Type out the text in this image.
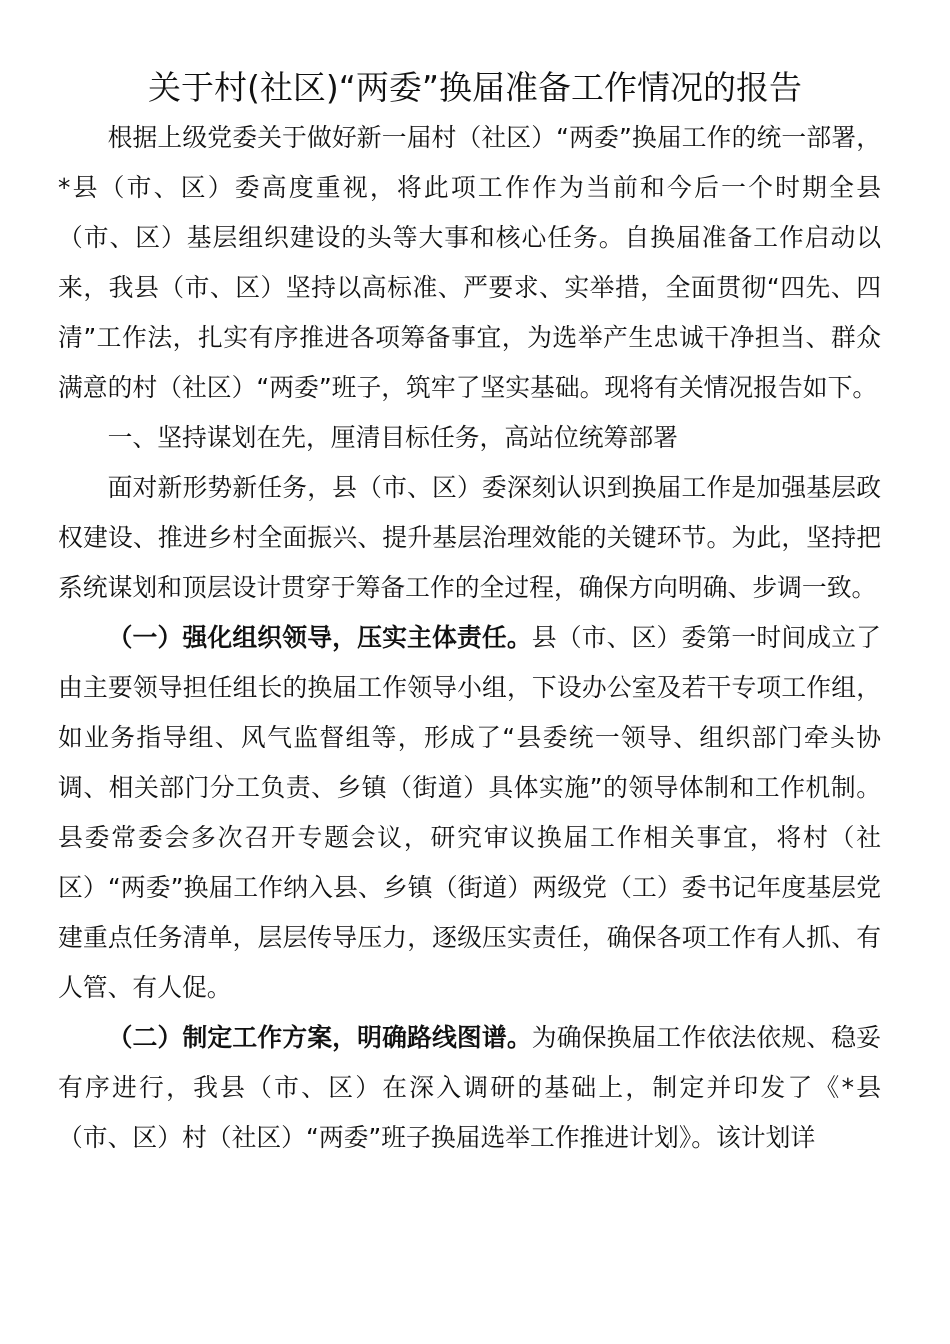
关于村(社区)“两委”换届准备工作情况的报告

根据上级党委关于做好新一届村（社区）“两委”换届工作的统一部署，*县（市、区）委高度重视，将此项工作作为当前和今后一个时期全县（市、区）基层组织建设的头等大事和核心任务。自换届准备工作启动以来，我县（市、区）坚持以高标准、严要求、实举措，全面贯彻“四先、四清”工作法，扎实有序推进各项筹备事宜，为选举产生忠诚干净担当、群众满意的村（社区）“两委”班子，筑牢了坚实基础。现将有关情况报告如下。

一、坚持谋划在先，厘清目标任务，高站位统筹部署

面对新形势新任务，县（市、区）委深刻认识到换届工作是加强基层政权建设、推进乡村全面振兴、提升基层治理效能的关键环节。为此，坚持把系统谋划和顶层设计贯穿于筹备工作的全过程，确保方向明确、步调一致。

（一）强化组织领导，压实主体责任。县（市、区）委第一时间成立了由主要领导担任组长的换届工作领导小组，下设办公室及若干专项工作组，如业务指导组、风气监督组等，形成了“县委统一领导、组织部门牵头协调、相关部门分工负责、乡镇（街道）具体实施”的领导体制和工作机制。县委常委会多次召开专题会议，研究审议换届工作相关事宜，将村（社区）“两委”换届工作纳入县、乡镇（街道）两级党（工）委书记年度基层党建重点任务清单，层层传导压力，逐级压实责任，确保各项工作有人抓、有人管、有人促。

（二）制定工作方案，明确路线图谱。为确保换届工作依法依规、稳妥有序进行，我县（市、区）在深入调研的基础上，制定并印发了《*县（市、区）村（社区）“两委”班子换届选举工作推进计划》。该计划详
